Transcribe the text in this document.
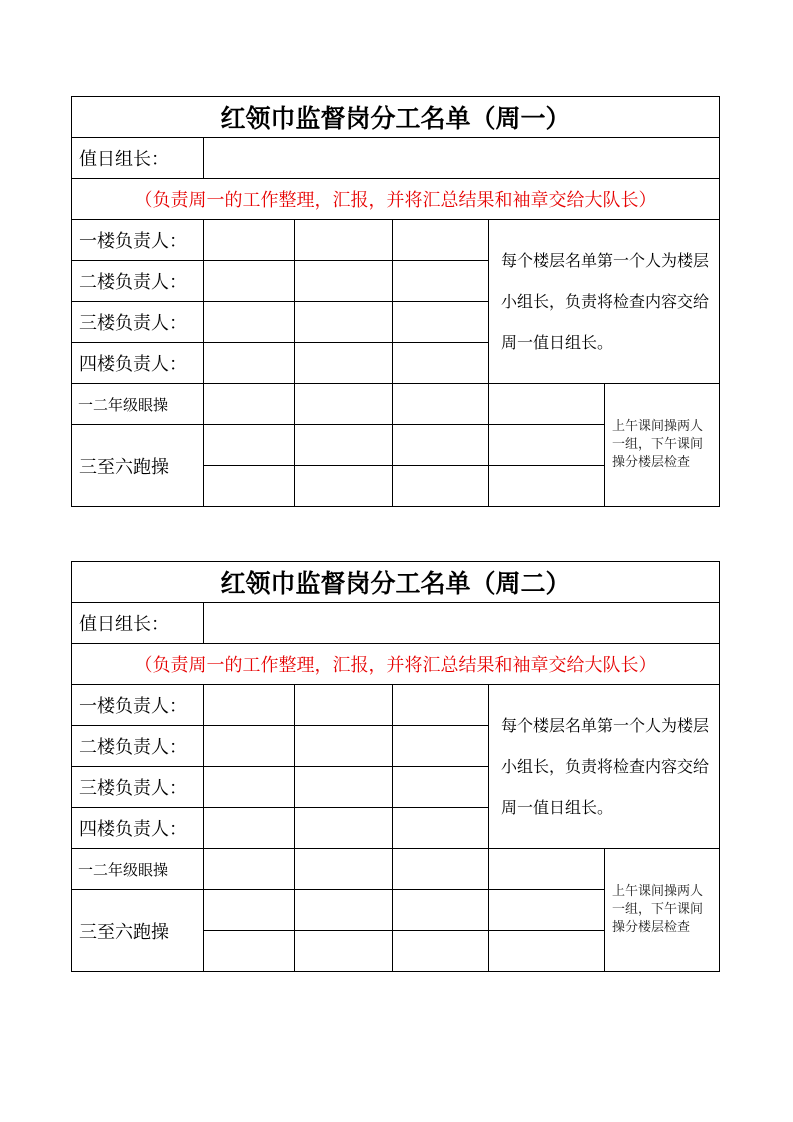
红领巾监督岗分工名单（周一）					
值日组长：					
（负责周一的工作整理，汇报，并将汇总结果和袖章交给大队长）					
一楼负责人：				每个楼层名单第一个人为楼层小组长，负责将检查内容交给周一值日组长。	
二楼负责人：					
三楼负责人：					
四楼负责人：					
一二年级眼操					上午课间操两人一组，下午课间操分楼层检查
三至六跑操					

红领巾监督岗分工名单（周二）					
值日组长：					
（负责周一的工作整理，汇报，并将汇总结果和袖章交给大队长）					
一楼负责人：				每个楼层名单第一个人为楼层小组长，负责将检查内容交给周一值日组长。	
二楼负责人：					
三楼负责人：					
四楼负责人：					
一二年级眼操					上午课间操两人一组，下午课间操分楼层检查
三至六跑操					
